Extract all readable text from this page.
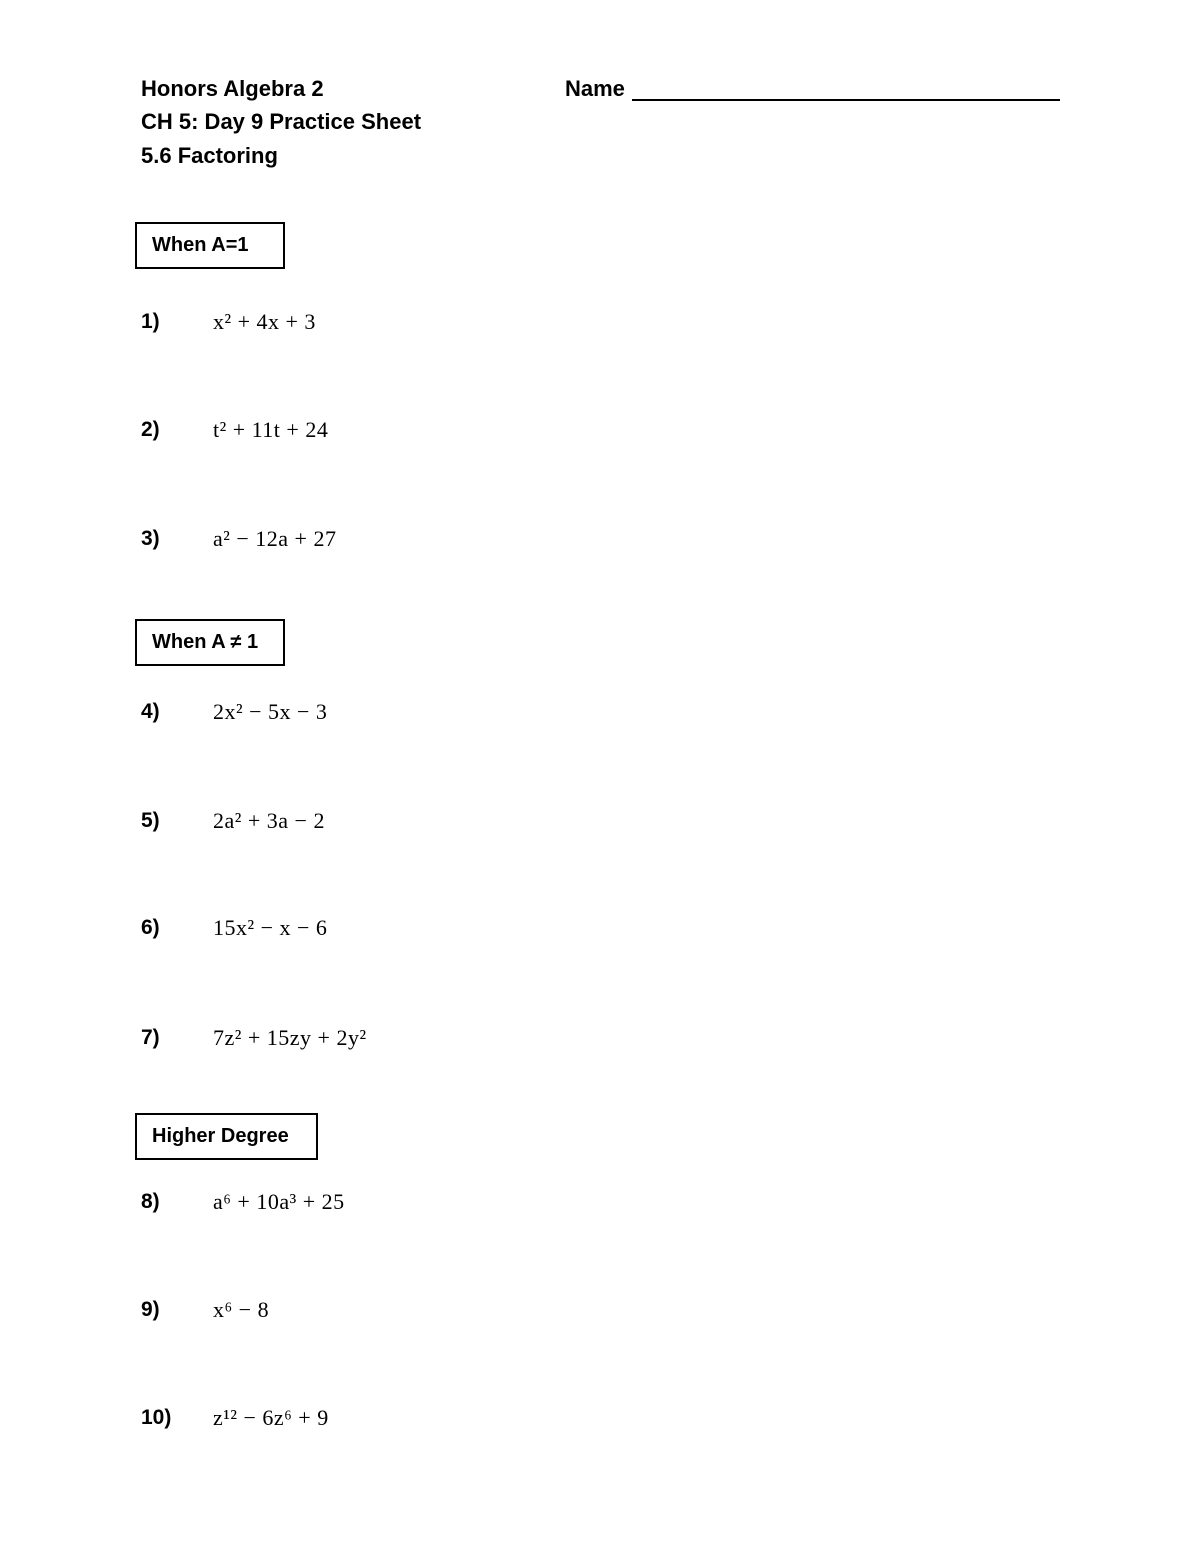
Honors Algebra 2
CH 5: Day 9 Practice Sheet
5.6 Factoring
Name
When A=1
1)	x² + 4x + 3
2)	t² + 11t + 24
3)	a² − 12a + 27
When A ≠ 1
4)	2x² − 5x − 3
5)	2a² + 3a − 2
6)	15x² − x − 6
7)	7z² + 15zy + 2y²
Higher Degree
8)	a⁶ + 10a³ + 25
9)	x⁶ − 8
10)	z¹² − 6z⁶ + 9
